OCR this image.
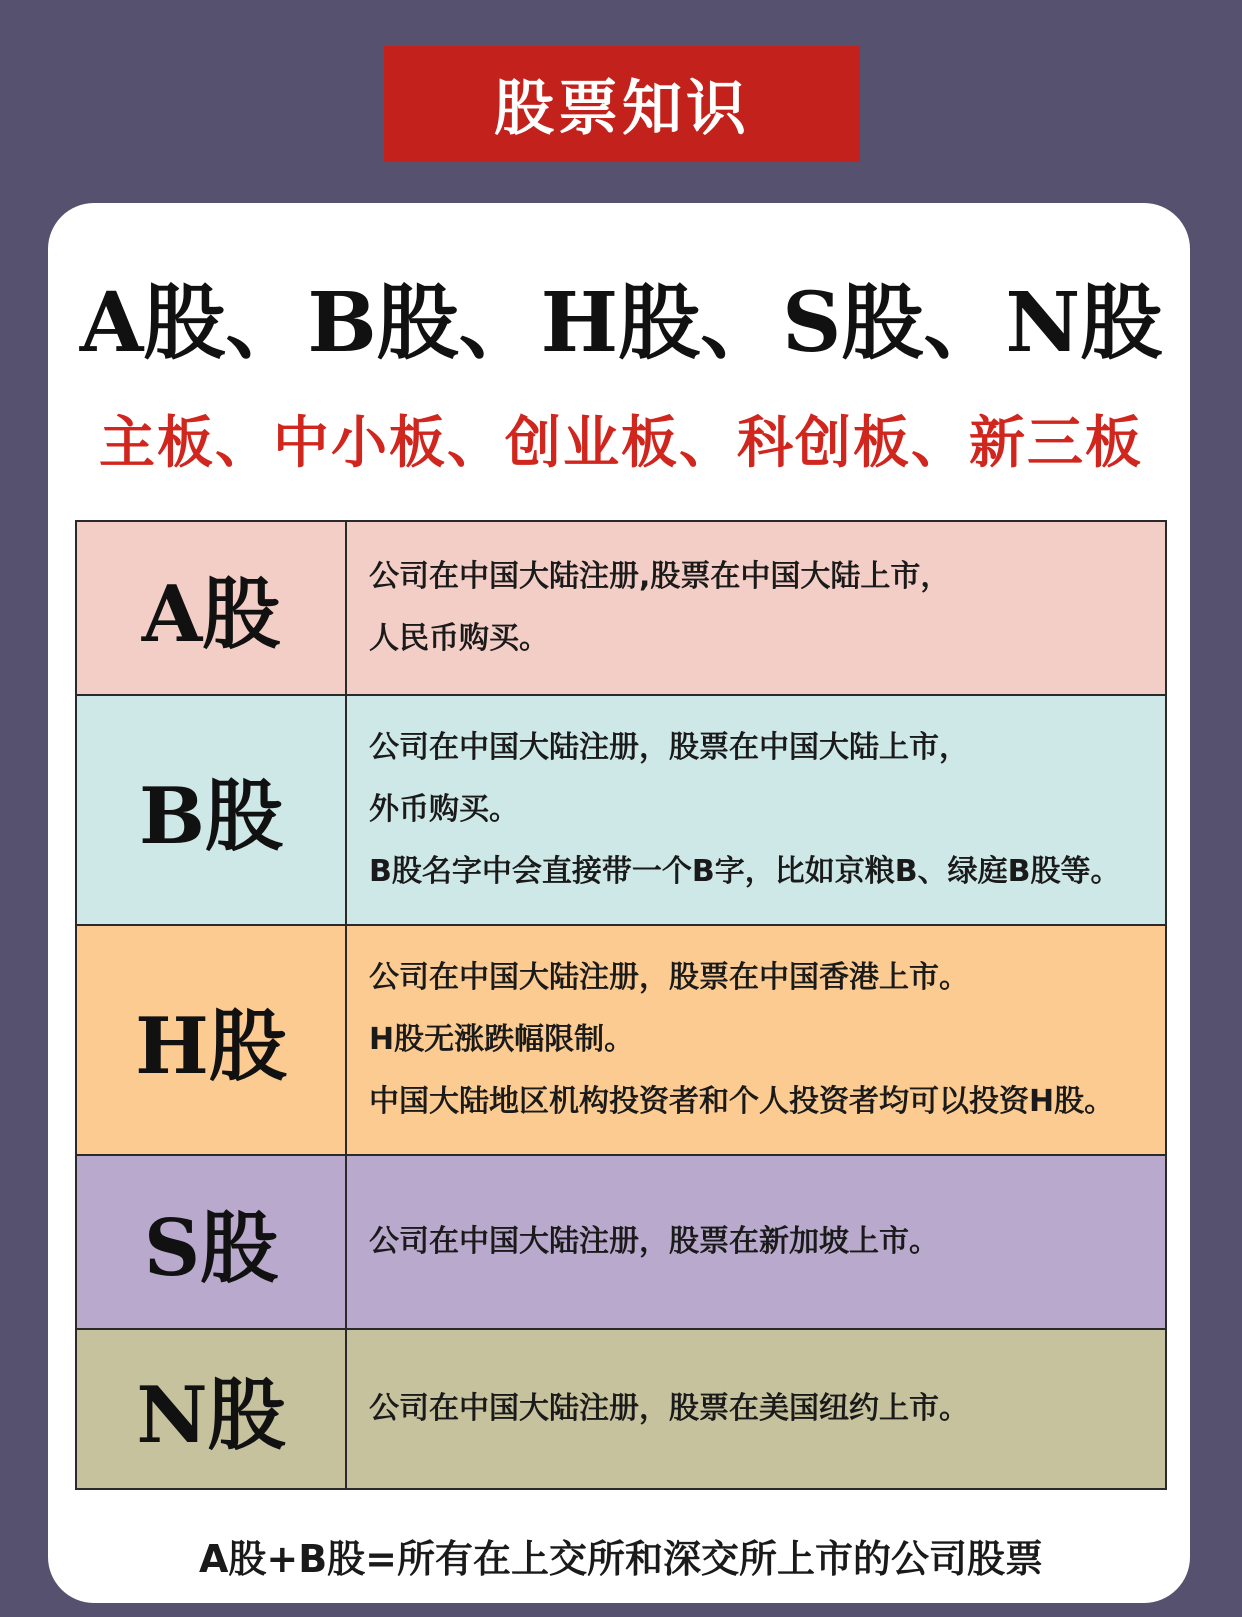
股票知识
A股、B股、H股、S股、N股
主板、中小板、创业板、科创板、新三板
A股	公司在中国大陆注册,股票在中国大陆上市，
人民币购买。

B股	公司在中国大陆注册，股票在中国大陆上市，
外币购买。
B股名字中会直接带一个B字，比如京粮B、绿庭B股等。

H股	公司在中国大陆注册，股票在中国香港上市。
H股无涨跌幅限制。
中国大陆地区机构投资者和个人投资者均可以投资H股。

S股	公司在中国大陆注册，股票在新加坡上市。

N股	公司在中国大陆注册，股票在美国纽约上市。
A股+B股=所有在上交所和深交所上市的公司股票
